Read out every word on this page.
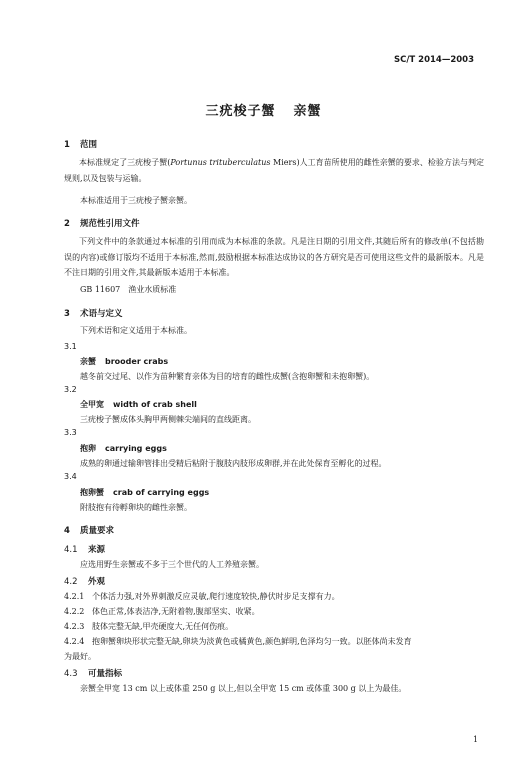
SC/T 2014—2003
三疣梭子蟹 亲蟹
1 范围
本标准规定了三疣梭子蟹(Portunus trituberculatus Miers)人工育苗所使用的雌性亲蟹的要求、检验方法与判定规则,以及包装与运输。
本标准适用于三疣梭子蟹亲蟹。
2 规范性引用文件
下列文件中的条款通过本标准的引用而成为本标准的条款。凡是注日期的引用文件,其随后所有的修改单(不包括勘误的内容)或修订版均不适用于本标准,然而,鼓励根据本标准达成协议的各方研究是否可使用这些文件的最新版本。凡是不注日期的引用文件,其最新版本适用于本标准。
GB 11607　渔业水质标准
3 术语与定义
下列术语和定义适用于本标准。
3.1
亲蟹 brooder crabs
越冬前交过尾、以作为苗种繁育亲体为目的培育的雌性成蟹(含抱卵蟹和未抱卵蟹)。
3.2
全甲宽 width of crab shell
三疣梭子蟹成体头胸甲两侧棘尖端间的直线距离。
3.3
抱卵 carrying eggs
成熟的卵通过输卵管排出受精后粘附于腹肢内肢形成卵群,并在此处保育至孵化的过程。
3.4
抱卵蟹 crab of carrying eggs
附肢抱有待孵卵块的雌性亲蟹。
4 质量要求
4.1 来源
应选用野生亲蟹或不多于三个世代的人工养殖亲蟹。
4.2 外观
4.2.1 个体活力强,对外界刺激反应灵敏,爬行速度较快,静伏时步足支撑有力。
4.2.2 体色正常,体表洁净,无附着物,腹部坚实、收紧。
4.2.3 肢体完整无缺,甲壳硬度大,无任何伤痕。
4.2.4 抱卵蟹卵块形状完整无缺,卵块为淡黄色或橘黄色,颜色鲜明,色泽均匀一致。以胚体尚未发育
为最好。
4.3 可量指标
亲蟹全甲宽 13 cm 以上或体重 250 g 以上,但以全甲宽 15 cm 或体重 300 g 以上为最佳。
1
